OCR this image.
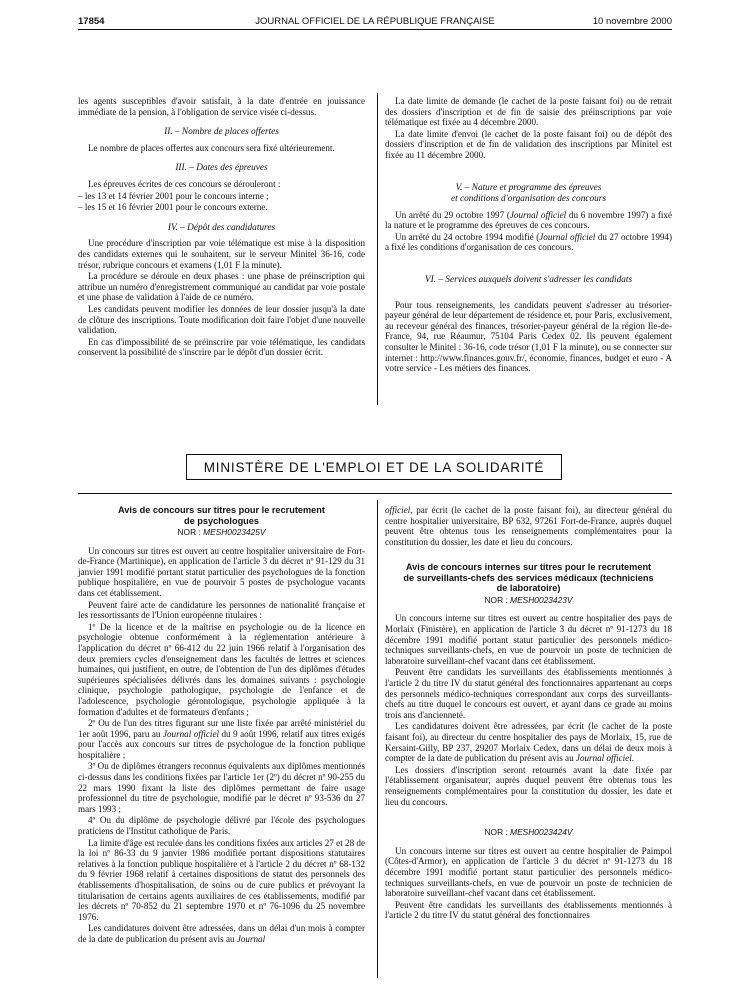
17854	JOURNAL OFFICIEL DE LA RÉPUBLIQUE FRANÇAISE	10 novembre 2000

les agents susceptibles d'avoir satisfait, à la date d'entrée en jouissance immédiate de la pension, à l'obligation de service visée ci-dessus.

II. – Nombre de places offertes

Le nombre de places offertes aux concours sera fixé ultérieurement.

III. – Dates des épreuves

Les épreuves écrites de ces concours se dérouleront :

– les 13 et 14 février 2001 pour le concours interne ;

– les 15 et 16 février 2001 pour le concours externe.

IV. – Dépôt des candidatures

Une procédure d'inscription par voie télématique est mise à la disposition des candidats externes qui le souhaitent, sur le serveur Minitel 36-16, code trésor, rubrique concours et examens (1,01 F la minute).

La procédure se déroule en deux phases : une phase de préinscription qui attribue un numéro d'enregistrement communiqué au candidat par voie postale et une phase de validation à l'aide de ce numéro.

Les candidats peuvent modifier les données de leur dossier jusqu'à la date de clôture des inscriptions. Toute modification doit faire l'objet d'une nouvelle validation.

En cas d'impossibilité de se préinscrire par voie télématique, les candidats conservent la possibilité de s'inscrire par le dépôt d'un dossier écrit.

La date limite de demande (le cachet de la poste faisant foi) ou de retrait des dossiers d'inscription et de fin de saisie des préinscriptions par voie télématique est fixée au 4 décembre 2000.

La date limite d'envoi (le cachet de la poste faisant foi) ou de dépôt des dossiers d'inscription et de fin de validation des inscriptions par Minitel est fixée au 11 décembre 2000.

V. – Nature et programme des épreuves
et conditions d'organisation des concours

Un arrêté du 29 octobre 1997 (Journal officiel du 6 novembre 1997) a fixé la nature et le programme des épreuves de ces concours.

Un arrêté du 24 octobre 1994 modifié (Journal officiel du 27 octobre 1994) a fixé les conditions d'organisation de ces concours.

VI. – Services auxquels doivent s'adresser les candidats

Pour tous renseignements, les candidats peuvent s'adresser au trésorier-payeur général de leur département de résidence et, pour Paris, exclusivement, au receveur général des finances, trésorier-payeur général de la région Ile-de-France, 94, rue Réaumur, 75104 Paris Cedex 02. Ils peuvent également consulter le Minitel : 36-16, code trésor (1,01 F la minute), ou se connecter sur internet : http://www.finances.gouv.fr/, économie, finances, budget et euro - A votre service - Les métiers des finances.

MINISTÈRE DE L'EMPLOI ET DE LA SOLIDARITÉ
Avis de concours sur titres pour le recrutement
de psychologues
NOR : MESH0023425V

Un concours sur titres est ouvert au centre hospitalier universitaire de Fort-de-France (Martinique), en application de l'article 3 du décret nº 91-129 du 31 janvier 1991 modifié portant statut particulier des psychologues de la fonction publique hospitalière, en vue de pourvoir 5 postes de psychologue vacants dans cet établissement.

Peuvent faire acte de candidature les personnes de nationalité française et les ressortissants de l'Union européenne titulaires :

1º De la licence et de la maîtrise en psychologie ou de la licence en psychologie obtenue conformément à la réglementation antérieure à l'application du décret nº 66-412 du 22 juin 1966 relatif à l'organisation des deux premiers cycles d'enseignement dans les facultés de lettres et sciences humaines, qui justifient, en outre, de l'obtention de l'un des diplômes d'études supérieures spécialisées délivrés dans les domaines suivants : psychologie clinique, psychologie pathologique, psychologie de l'enfance et de l'adolescence, psychologie gérontologique, psychologie appliquée à la formation d'adultes et de formateurs d'enfants ;

2º Ou de l'un des titres figurant sur une liste fixée par arrêté ministériel du 1er août 1996, paru au Journal officiel du 9 août 1996, relatif aux titres exigés pour l'accès aux concours sur titres de psychologue de la fonction publique hospitalière ;

3º Ou de diplômes étrangers reconnus équivalents aux diplômes mentionnés ci-dessus dans les conditions fixées par l'article 1er (2º) du décret nº 90-255 du 22 mars 1990 fixant la liste des diplômes permettant de faire usage professionnel du titre de psychologue, modifié par le décret nº 93-536 du 27 mars 1993 ;

4º Ou du diplôme de psychologie délivré par l'école des psychologues praticiens de l'Institut catholique de Paris.

La limite d'âge est reculée dans les conditions fixées aux articles 27 et 28 de la loi nº 86-33 du 9 janvier 1986 modifiée portant dispositions statutaires relatives à la fonction publique hospitalière et à l'article 2 du décret nº 68-132 du 9 février 1968 relatif à certaines dispositions de statut des personnels des établissements d'hospitalisation, de soins ou de cure publics et prévoyant la titularisation de certains agents auxiliaires de ces établissements, modifié par les décrets nº 70-852 du 21 septembre 1970 et nº 76-1096 du 25 novembre 1976.

Les candidatures doivent être adressées, dans un délai d'un mois à compter de la date de publication du présent avis au Journal

officiel, par écrit (le cachet de la poste faisant foi), au directeur général du centre hospitalier universitaire, BP 632, 97261 Fort-de-France, auprès duquel peuvent être obtenus tous les renseignements complémentaires pour la constitution du dossier, les date et lieu du concours.

Avis de concours internes sur titres pour le recrutement
de surveillants-chefs des services médicaux (techniciens
de laboratoire)
NOR : MESH0023423V

Un concours interne sur titres est ouvert au centre hospitalier des pays de Morlaix (Finistère), en application de l'article 3 du décret nº 91-1273 du 18 décembre 1991 modifié portant statut particulier des personnels médico-techniques surveillants-chefs, en vue de pourvoir un poste de technicien de laboratoire surveillant-chef vacant dans cet établissement.

Peuvent être candidats les surveillants des établissements mentionnés à l'article 2 du titre IV du statut général des fonctionnaires appartenant au corps des personnels médico-techniques correspondant aux corps des surveillants-chefs au titre duquel le concours est ouvert, et ayant dans ce grade au moins trois ans d'ancienneté.

Les candidatures doivent être adressées, par écrit (le cachet de la poste faisant foi), au directeur du centre hospitalier des pays de Morlaix, 15, rue de Kersaint-Gilly, BP 237, 29207 Morlaix Cedex, dans un délai de deux mois à compter de la date de publication du présent avis au Journal officiel.

Les dossiers d'inscription seront retournés avant la date fixée par l'établissement organisateur, auprès duquel peuvent être obtenus tous les renseignements complémentaires pour la constitution du dossier, les date et lieu du concours.

NOR : MESH0023424V

Un concours interne sur titres est ouvert au centre hospitalier de Paimpol (Côtes-d'Armor), en application de l'article 3 du décret nº 91-1273 du 18 décembre 1991 modifié portant statut particulier des personnels médico-techniques surveillants-chefs, en vue de pourvoir un poste de technicien de laboratoire surveillant-chef vacant dans cet établissement.

Peuvent être candidats les surveillants des établissements mentionnés à l'article 2 du titre IV du statut général des fonctionnaires
